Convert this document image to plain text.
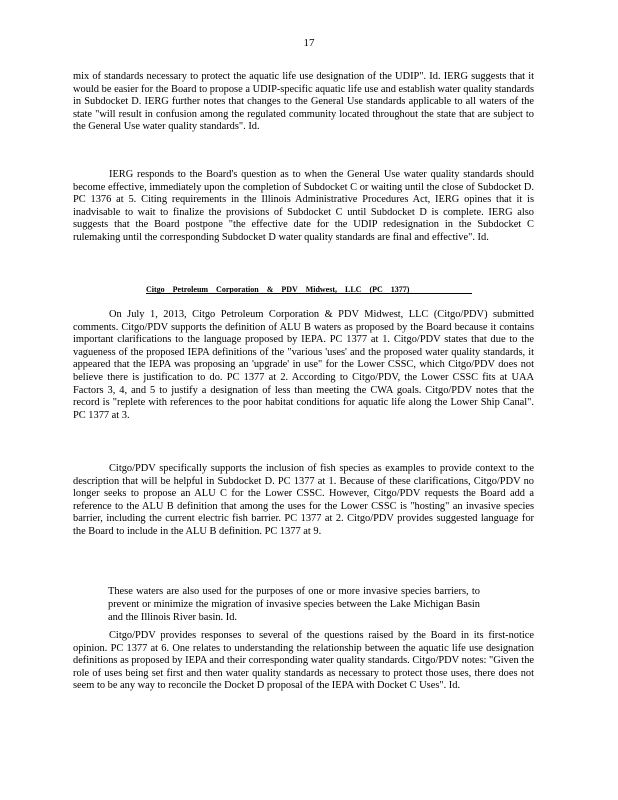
17

mix of standards necessary to protect the aquatic life use designation of the UDIP". Id. IERG suggests that it would be easier for the Board to propose a UDIP-specific aquatic life use and establish water quality standards in Subdocket D. IERG further notes that changes to the General Use standards applicable to all waters of the state "will result in confusion among the regulated community located throughout the state that are subject to the General Use water quality standards". Id.

IERG responds to the Board's question as to when the General Use water quality standards should become effective, immediately upon the completion of Subdocket C or waiting until the close of Subdocket D. PC 1376 at 5. Citing requirements in the Illinois Administrative Procedures Act, IERG opines that it is inadvisable to wait to finalize the provisions of Subdocket C until Subdocket D is complete. IERG also suggests that the Board postpone "the effective date for the UDIP redesignation in the Subdocket C rulemaking until the corresponding Subdocket D water quality standards are final and effective". Id.

Citgo Petroleum Corporation & PDV Midwest, LLC (PC 1377)

On July 1, 2013, Citgo Petroleum Corporation & PDV Midwest, LLC (Citgo/PDV) submitted comments. Citgo/PDV supports the definition of ALU B waters as proposed by the Board because it contains important clarifications to the language proposed by IEPA. PC 1377 at 1. Citgo/PDV states that due to the vagueness of the proposed IEPA definitions of the "various 'uses' and the proposed water quality standards, it appeared that the IEPA was proposing an 'upgrade' in use" for the Lower CSSC, which Citgo/PDV does not believe there is justification to do. PC 1377 at 2. According to Citgo/PDV, the Lower CSSC fits at UAA Factors 3, 4, and 5 to justify a designation of less than meeting the CWA goals. Citgo/PDV notes that the record is "replete with references to the poor habitat conditions for aquatic life along the Lower Ship Canal". PC 1377 at 3.

Citgo/PDV specifically supports the inclusion of fish species as examples to provide context to the description that will be helpful in Subdocket D. PC 1377 at 1. Because of these clarifications, Citgo/PDV no longer seeks to propose an ALU C for the Lower CSSC. However, Citgo/PDV requests the Board add a reference to the ALU B definition that among the uses for the Lower CSSC is "hosting" an invasive species barrier, including the current electric fish barrier. PC 1377 at 2. Citgo/PDV provides suggested language for the Board to include in the ALU B definition. PC 1377 at 9.

These waters are also used for the purposes of one or more invasive species barriers, to prevent or minimize the migration of invasive species between the Lake Michigan Basin and the Illinois River basin. Id.

Citgo/PDV provides responses to several of the questions raised by the Board in its first-notice opinion. PC 1377 at 6. One relates to understanding the relationship between the aquatic life use designation definitions as proposed by IEPA and their corresponding water quality standards. Citgo/PDV notes: "Given the role of uses being set first and then water quality standards as necessary to protect those uses, there does not seem to be any way to reconcile the Docket D proposal of the IEPA with Docket C Uses". Id.
